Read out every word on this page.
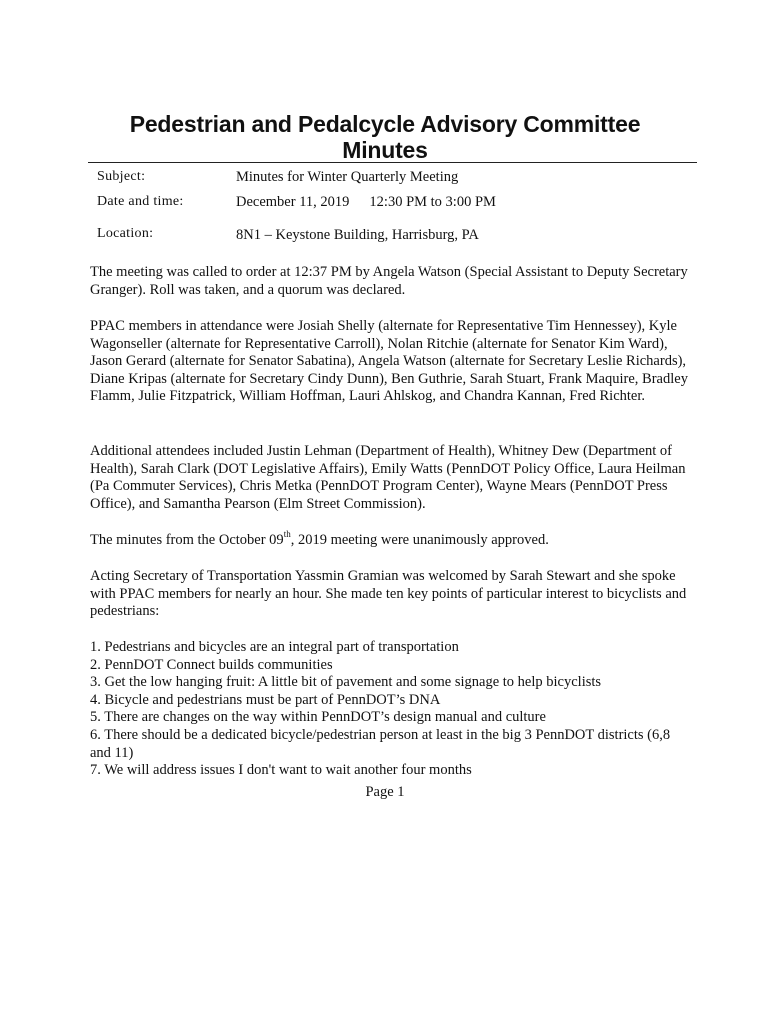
Pedestrian and Pedalcycle Advisory Committee
Minutes
Subject:	Minutes for Winter Quarterly Meeting
Date and time:	December 11, 2019 12:30 PM to 3:00 PM
Location:	8N1 – Keystone Building, Harrisburg, PA

The meeting was called to order at 12:37 PM by Angela Watson (Special Assistant to Deputy Secretary Granger). Roll was taken, and a quorum was declared.

PPAC members in attendance were Josiah Shelly (alternate for Representative Tim Hennessey), Kyle Wagonseller (alternate for Representative Carroll), Nolan Ritchie (alternate for Senator Kim Ward), Jason Gerard (alternate for Senator Sabatina), Angela Watson (alternate for Secretary Leslie Richards), Diane Kripas (alternate for Secretary Cindy Dunn), Ben Guthrie, Sarah Stuart, Frank Maquire, Bradley Flamm, Julie Fitzpatrick, William Hoffman, Lauri Ahlskog, and Chandra Kannan, Fred Richter.

Additional attendees included Justin Lehman (Department of Health), Whitney Dew (Department of Health), Sarah Clark (DOT Legislative Affairs), Emily Watts (PennDOT Policy Office, Laura Heilman (Pa Commuter Services), Chris Metka (PennDOT Program Center), Wayne Mears (PennDOT Press Office), and Samantha Pearson (Elm Street Commission).

The minutes from the October 09th, 2019 meeting were unanimously approved.

Acting Secretary of Transportation Yassmin Gramian was welcomed by Sarah Stewart and she spoke with PPAC members for nearly an hour. She made ten key points of particular interest to bicyclists and pedestrians:

1. Pedestrians and bicycles are an integral part of transportation
2. PennDOT Connect builds communities
3. Get the low hanging fruit: A little bit of pavement and some signage to help bicyclists
4. Bicycle and pedestrians must be part of PennDOT’s DNA
5. There are changes on the way within PennDOT’s design manual and culture
6. There should be a dedicated bicycle/pedestrian person at least in the big 3 PennDOT districts (6,8 and 11)
7. We will address issues I don't want to wait another four months
Page 1
